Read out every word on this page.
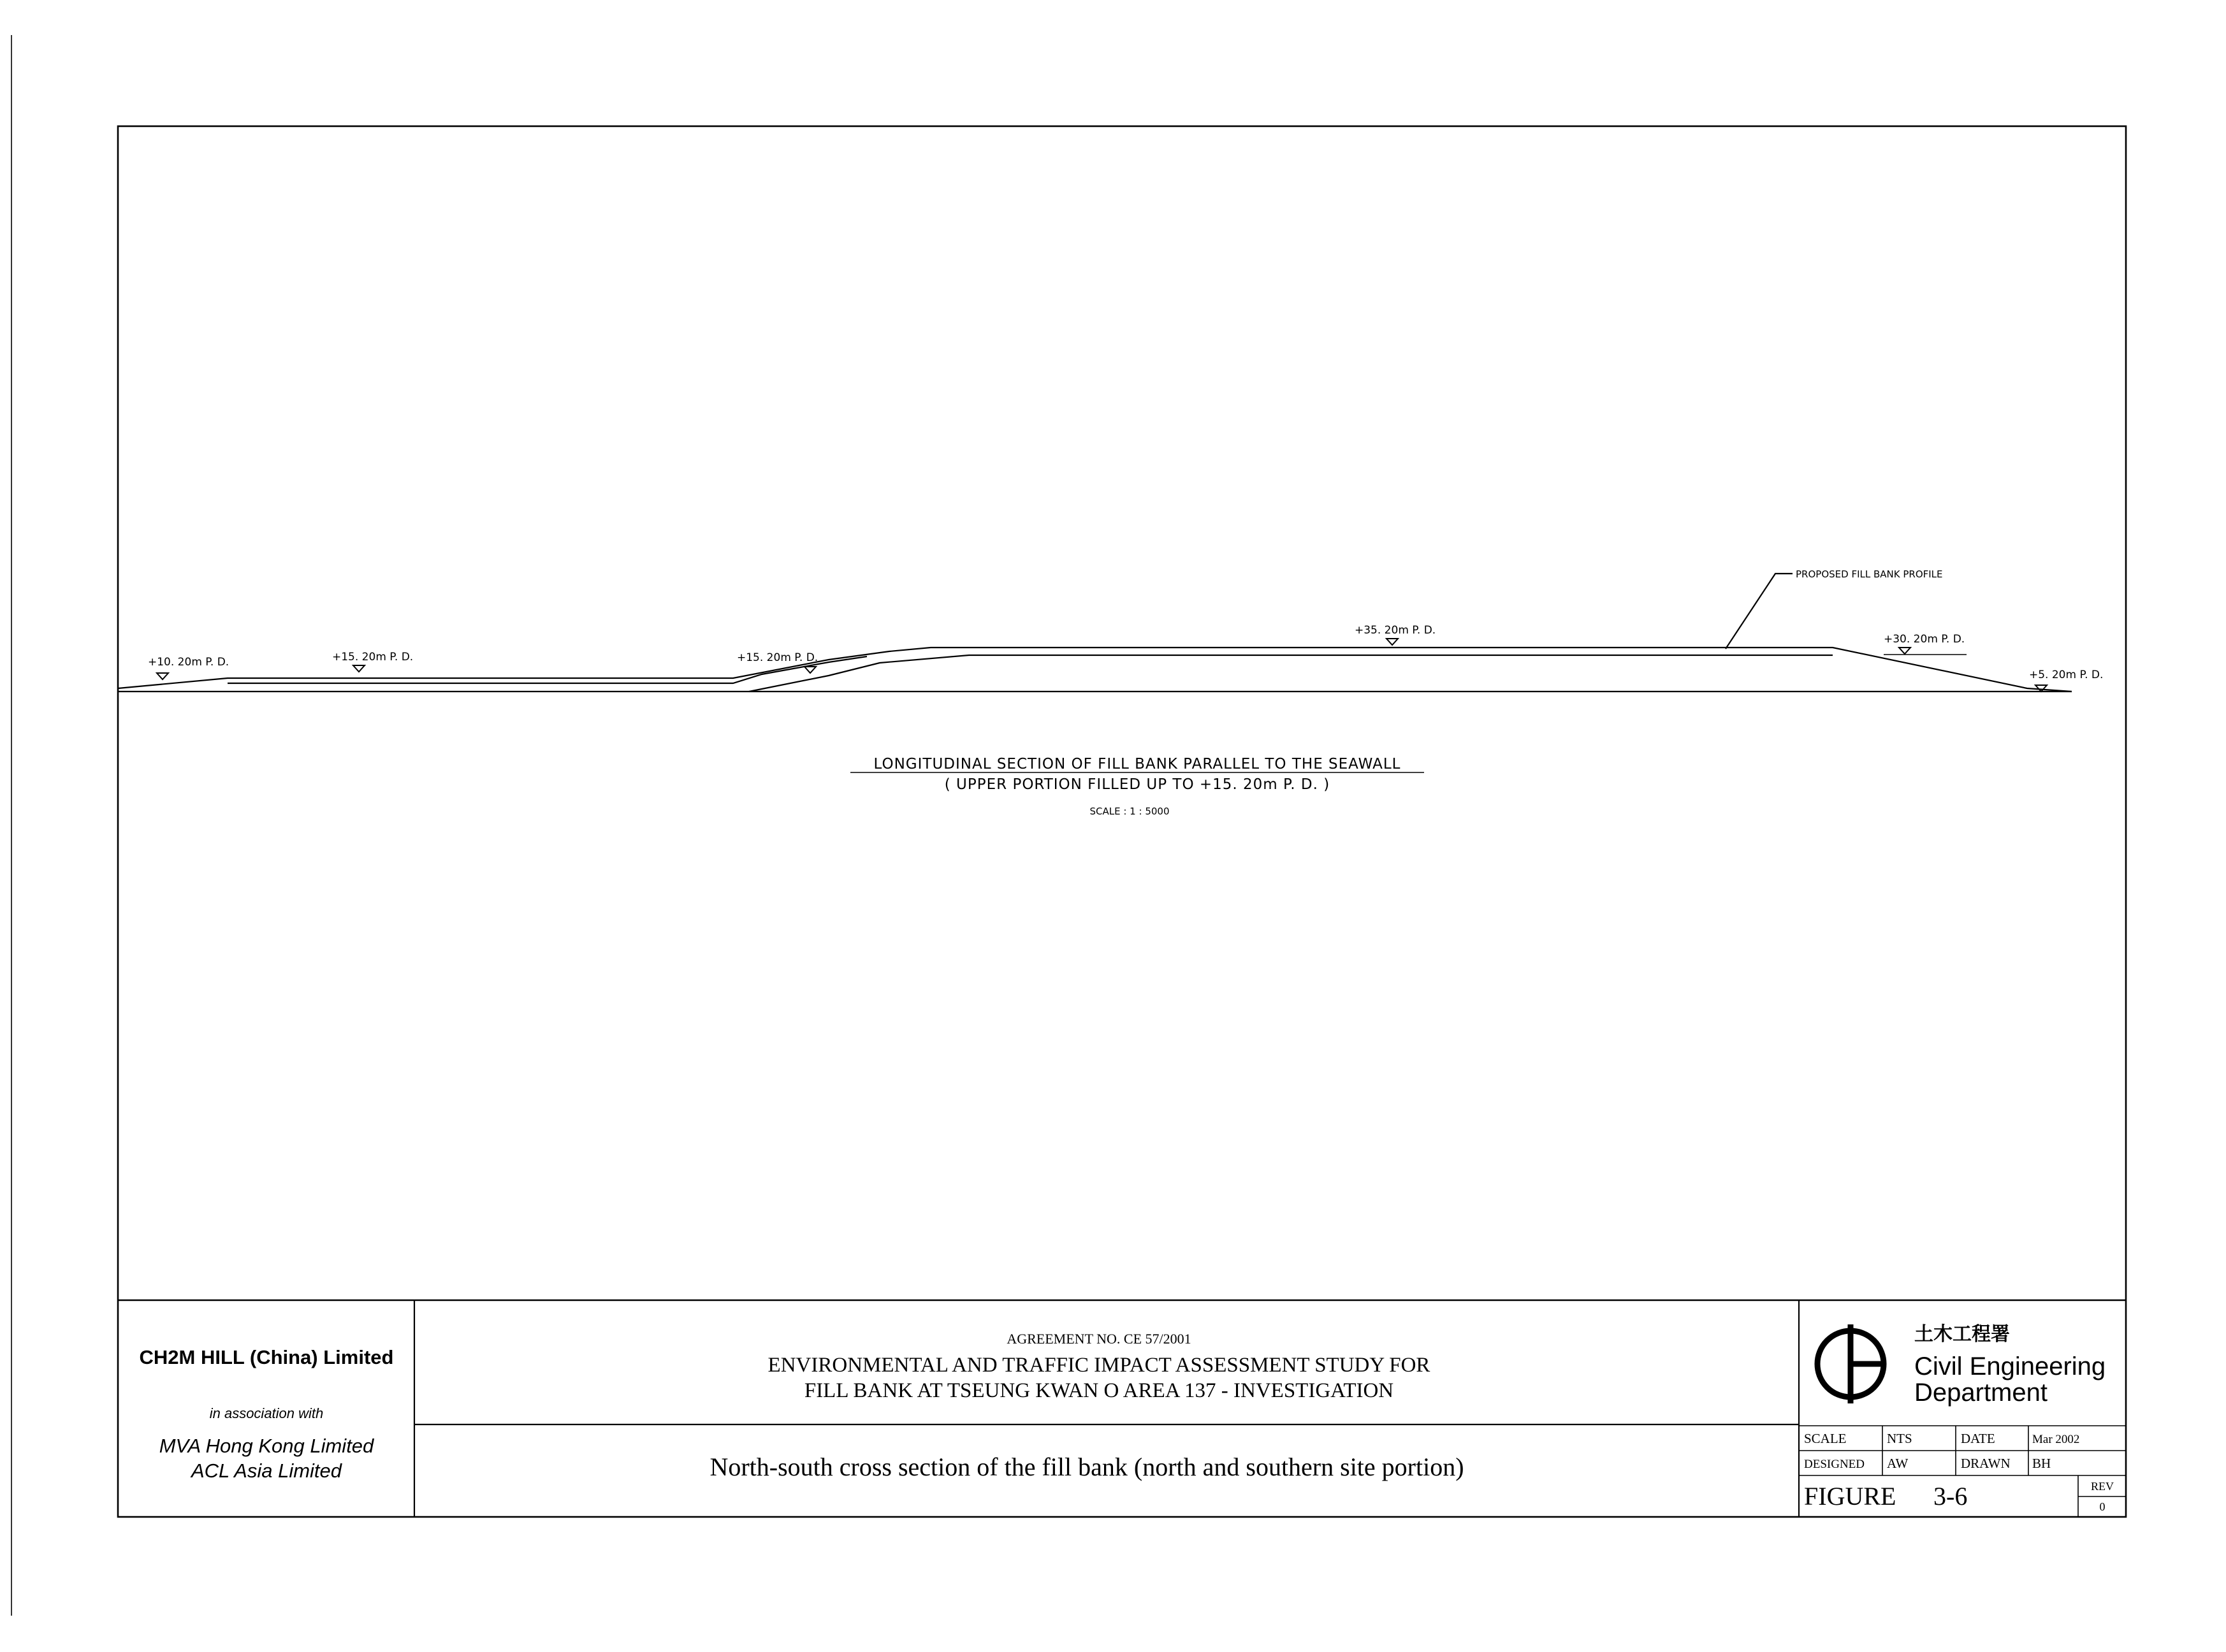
+10. 20m P. D.	+15. 20m P. D.	+15. 20m P. D.
+35. 20m P. D.
+30. 20m P. D.
+5. 20m P. D.
PROPOSED FILL BANK PROFILE
LONGITUDINAL SECTION OF FILL BANK PARALLEL TO THE SEAWALL
( UPPER PORTION FILLED UP TO +15. 20m P. D. )
SCALE : 1 : 5000
CH2M HILL (China) Limited
in association with
MVA Hong Kong Limited
ACL Asia Limited
AGREEMENT NO. CE 57/2001
ENVIRONMENTAL AND TRAFFIC IMPACT ASSESSMENT STUDY FOR
FILL BANK AT TSEUNG KWAN O AREA 137 - INVESTIGATION
North-south cross section of the fill bank (north and southern site portion)
土木工程署
Civil Engineering
Department
SCALE	NTS	DATE	Mar 2002
DESIGNED AW	DRAWN BH
FIGURE 3-6	REV
0
